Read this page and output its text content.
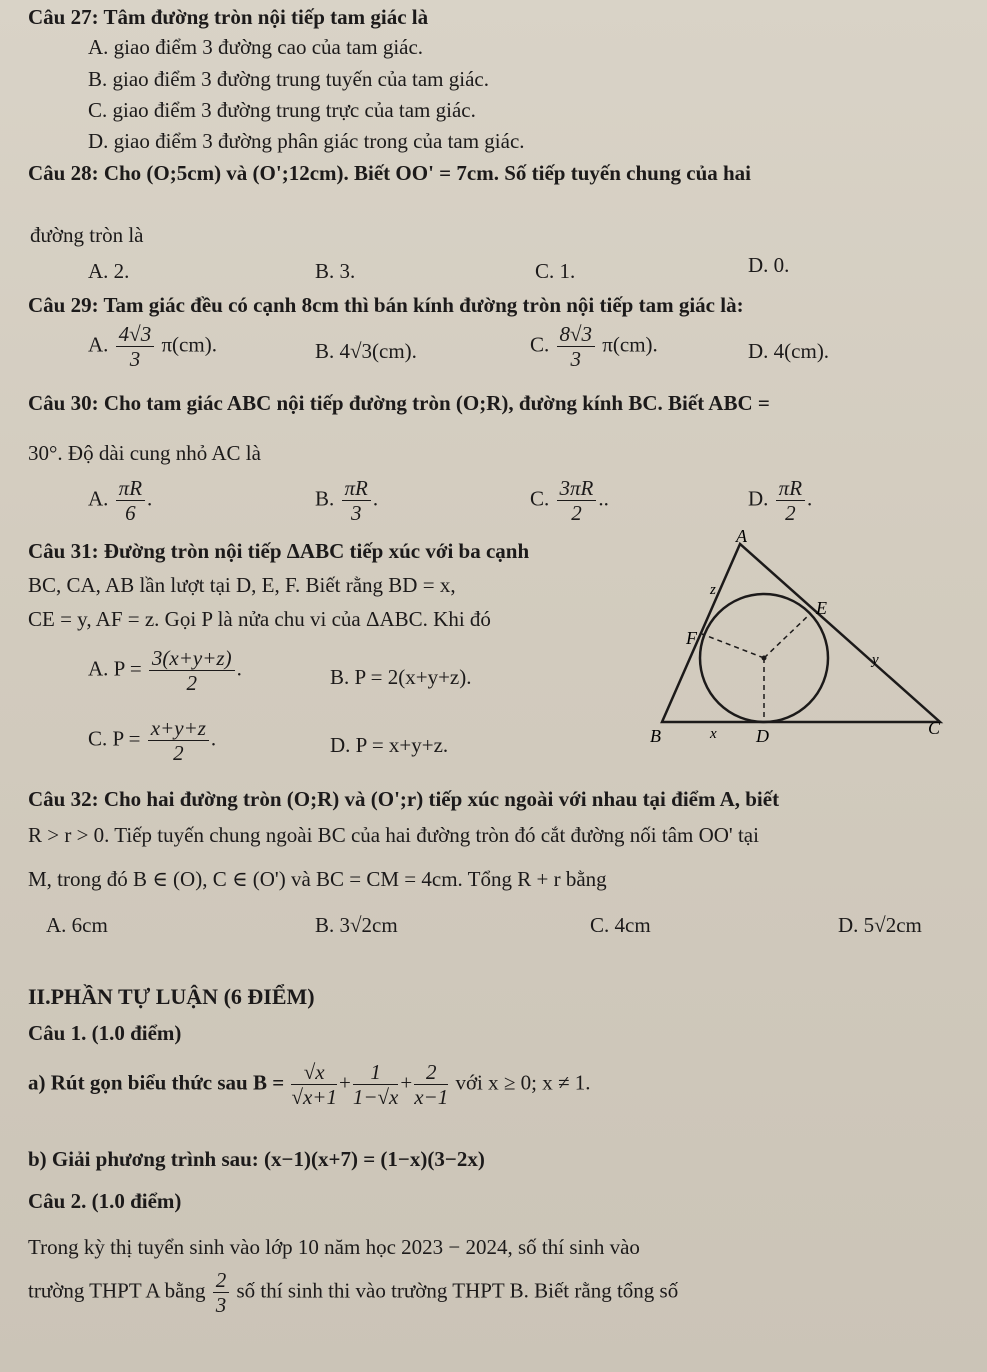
Câu 27: Tâm đường tròn nội tiếp tam giác là
A. giao điểm 3 đường cao của tam giác.
B. giao điểm 3 đường trung tuyến của tam giác.
C. giao điểm 3 đường trung trực của tam giác.
D. giao điểm 3 đường phân giác trong của tam giác.
Câu 28: Cho (O;5cm) và (O';12cm). Biết OO' = 7cm. Số tiếp tuyến chung của hai
đường tròn là
A. 2.	B. 3.	C. 1.	D. 0.
Câu 29: Tam giác đều có cạnh 8cm thì bán kính đường tròn nội tiếp tam giác là:
A. $\frac{4√3}{3} \pi(cm)$.	B. 4√3(cm).	C. $\frac{8√3}{3} \pi(cm)$.	D. 4(cm).
Câu 30: Cho tam giác ABC nội tiếp đường tròn (O;R), đường kính BC. Biết ABC =
30°. Độ dài cung nhỏ AC là
A. $\frac{\pi R}{6}$ .	B. $\frac{\pi R}{3}$ .	C. $\frac{3\pi R}{2}$ ..	D. $\frac{\pi R}{2}$ .
Câu 31: Đường tròn nội tiếp ΔABC tiếp xúc với ba cạnh
BC, CA, AB lần lượt tại D, E, F. Biết rằng BD = x,
CE = y, AF = z. Gọi P là nửa chu vi của ΔABC. Khi đó
A. $P = \frac{3(x+y+z)}{2}$ .	B. P = 2(x+y+z).
C. $P = \frac{x+y+z}{2}$ .	D. P = x+y+z.
A
B	C
D
E
F
x
y
z
Câu 32: Cho hai đường tròn (O;R) và (O';r) tiếp xúc ngoài với nhau tại điểm A, biết
R > r > 0. Tiếp tuyến chung ngoài BC của hai đường tròn đó cắt đường nối tâm OO' tại
M, trong đó B ∈ (O), C ∈ (O') và BC = CM = 4cm. Tổng R + r bằng
A. 6cm	B. 3√2cm	C. 4cm	D. 5√2cm
II.PHẦN TỰ LUẬN (6 ĐIỂM)
Câu 1. (1.0 điểm)
a) Rút gọn biểu thức sau $B = \frac{√x}{√x+1} + \frac{1}{1-√x} + \frac{2}{x-1}$ với x ≥ 0; x ≠ 1.
b) Giải phương trình sau: (x−1)(x+7) = (1−x)(3−2x)
Câu 2. (1.0 điểm)
Trong kỳ thị tuyển sinh vào lớp 10 năm học 2023 − 2024, số thí sinh vào
trường THPT A bằng $\frac{2}{3}$ số thí sinh thi vào trường THPT B. Biết rằng tổng số
